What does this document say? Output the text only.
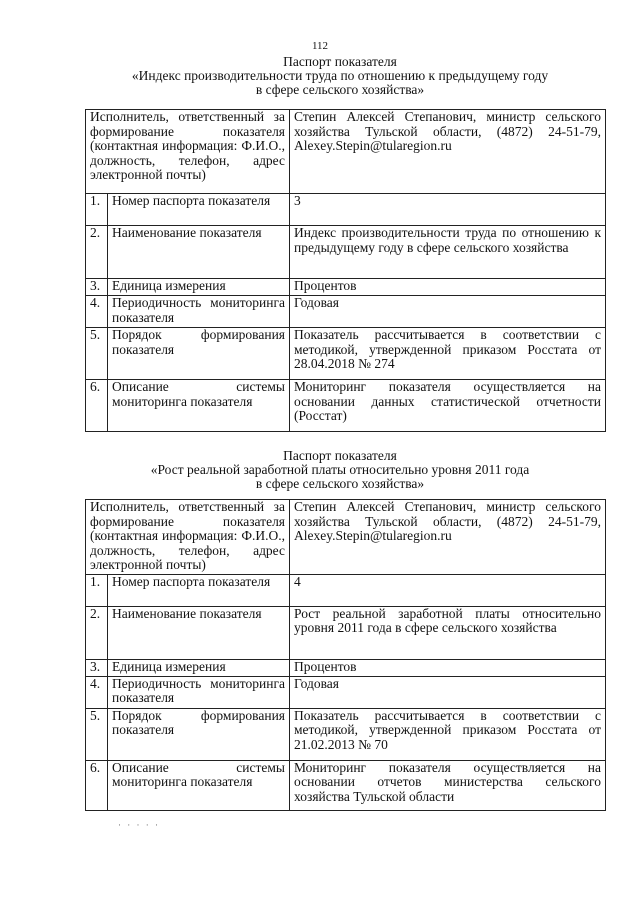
112
Паспорт показателя
«Индекс производительности труда по отношению к предыдущему году
в сфере сельского хозяйства»
Исполнитель, ответственный за формирование показателя (контактная информация: Ф.И.О., должность, телефон, адрес электронной почты)		Степин Алексей Степанович, министр сельского хозяйства Тульской области, (4872) 24-51-79, Alexey.Stepin@tularegion.ru
1.	Номер паспорта показателя	3
2.	Наименование показателя	Индекс производительности труда по отношению к предыдущему году в сфере сельского хозяйства
3.	Единица измерения	Процентов
4.	Периодичность мониторинга показателя	Годовая
5.	Порядок формирования показателя	Показатель рассчитывается в соответствии с методикой, утвержденной приказом Росстата от 28.04.2018 № 274
6.	Описание системы мониторинга показателя	Мониторинг показателя осуществляется на основании данных статистической отчетности (Росстат)
Паспорт показателя
«Рост реальной заработной платы относительно уровня 2011 года
в сфере сельского хозяйства»
Исполнитель, ответственный за формирование показателя (контактная информация: Ф.И.О., должность, телефон, адрес электронной почты)		Степин Алексей Степанович, министр сельского хозяйства Тульской области, (4872) 24-51-79, Alexey.Stepin@tularegion.ru
1.	Номер паспорта показателя	4
2.	Наименование показателя	Рост реальной заработной платы относительно уровня 2011 года в сфере сельского хозяйства
3.	Единица измерения	Процентов
4.	Периодичность мониторинга показателя	Годовая
5.	Порядок формирования показателя	Показатель рассчитывается в соответствии с методикой, утвержденной приказом Росстата от 21.02.2013 № 70
6.	Описание системы мониторинга показателя	Мониторинг показателя осуществляется на основании отчетов министерства сельского хозяйства Тульской области
· · · · ·
